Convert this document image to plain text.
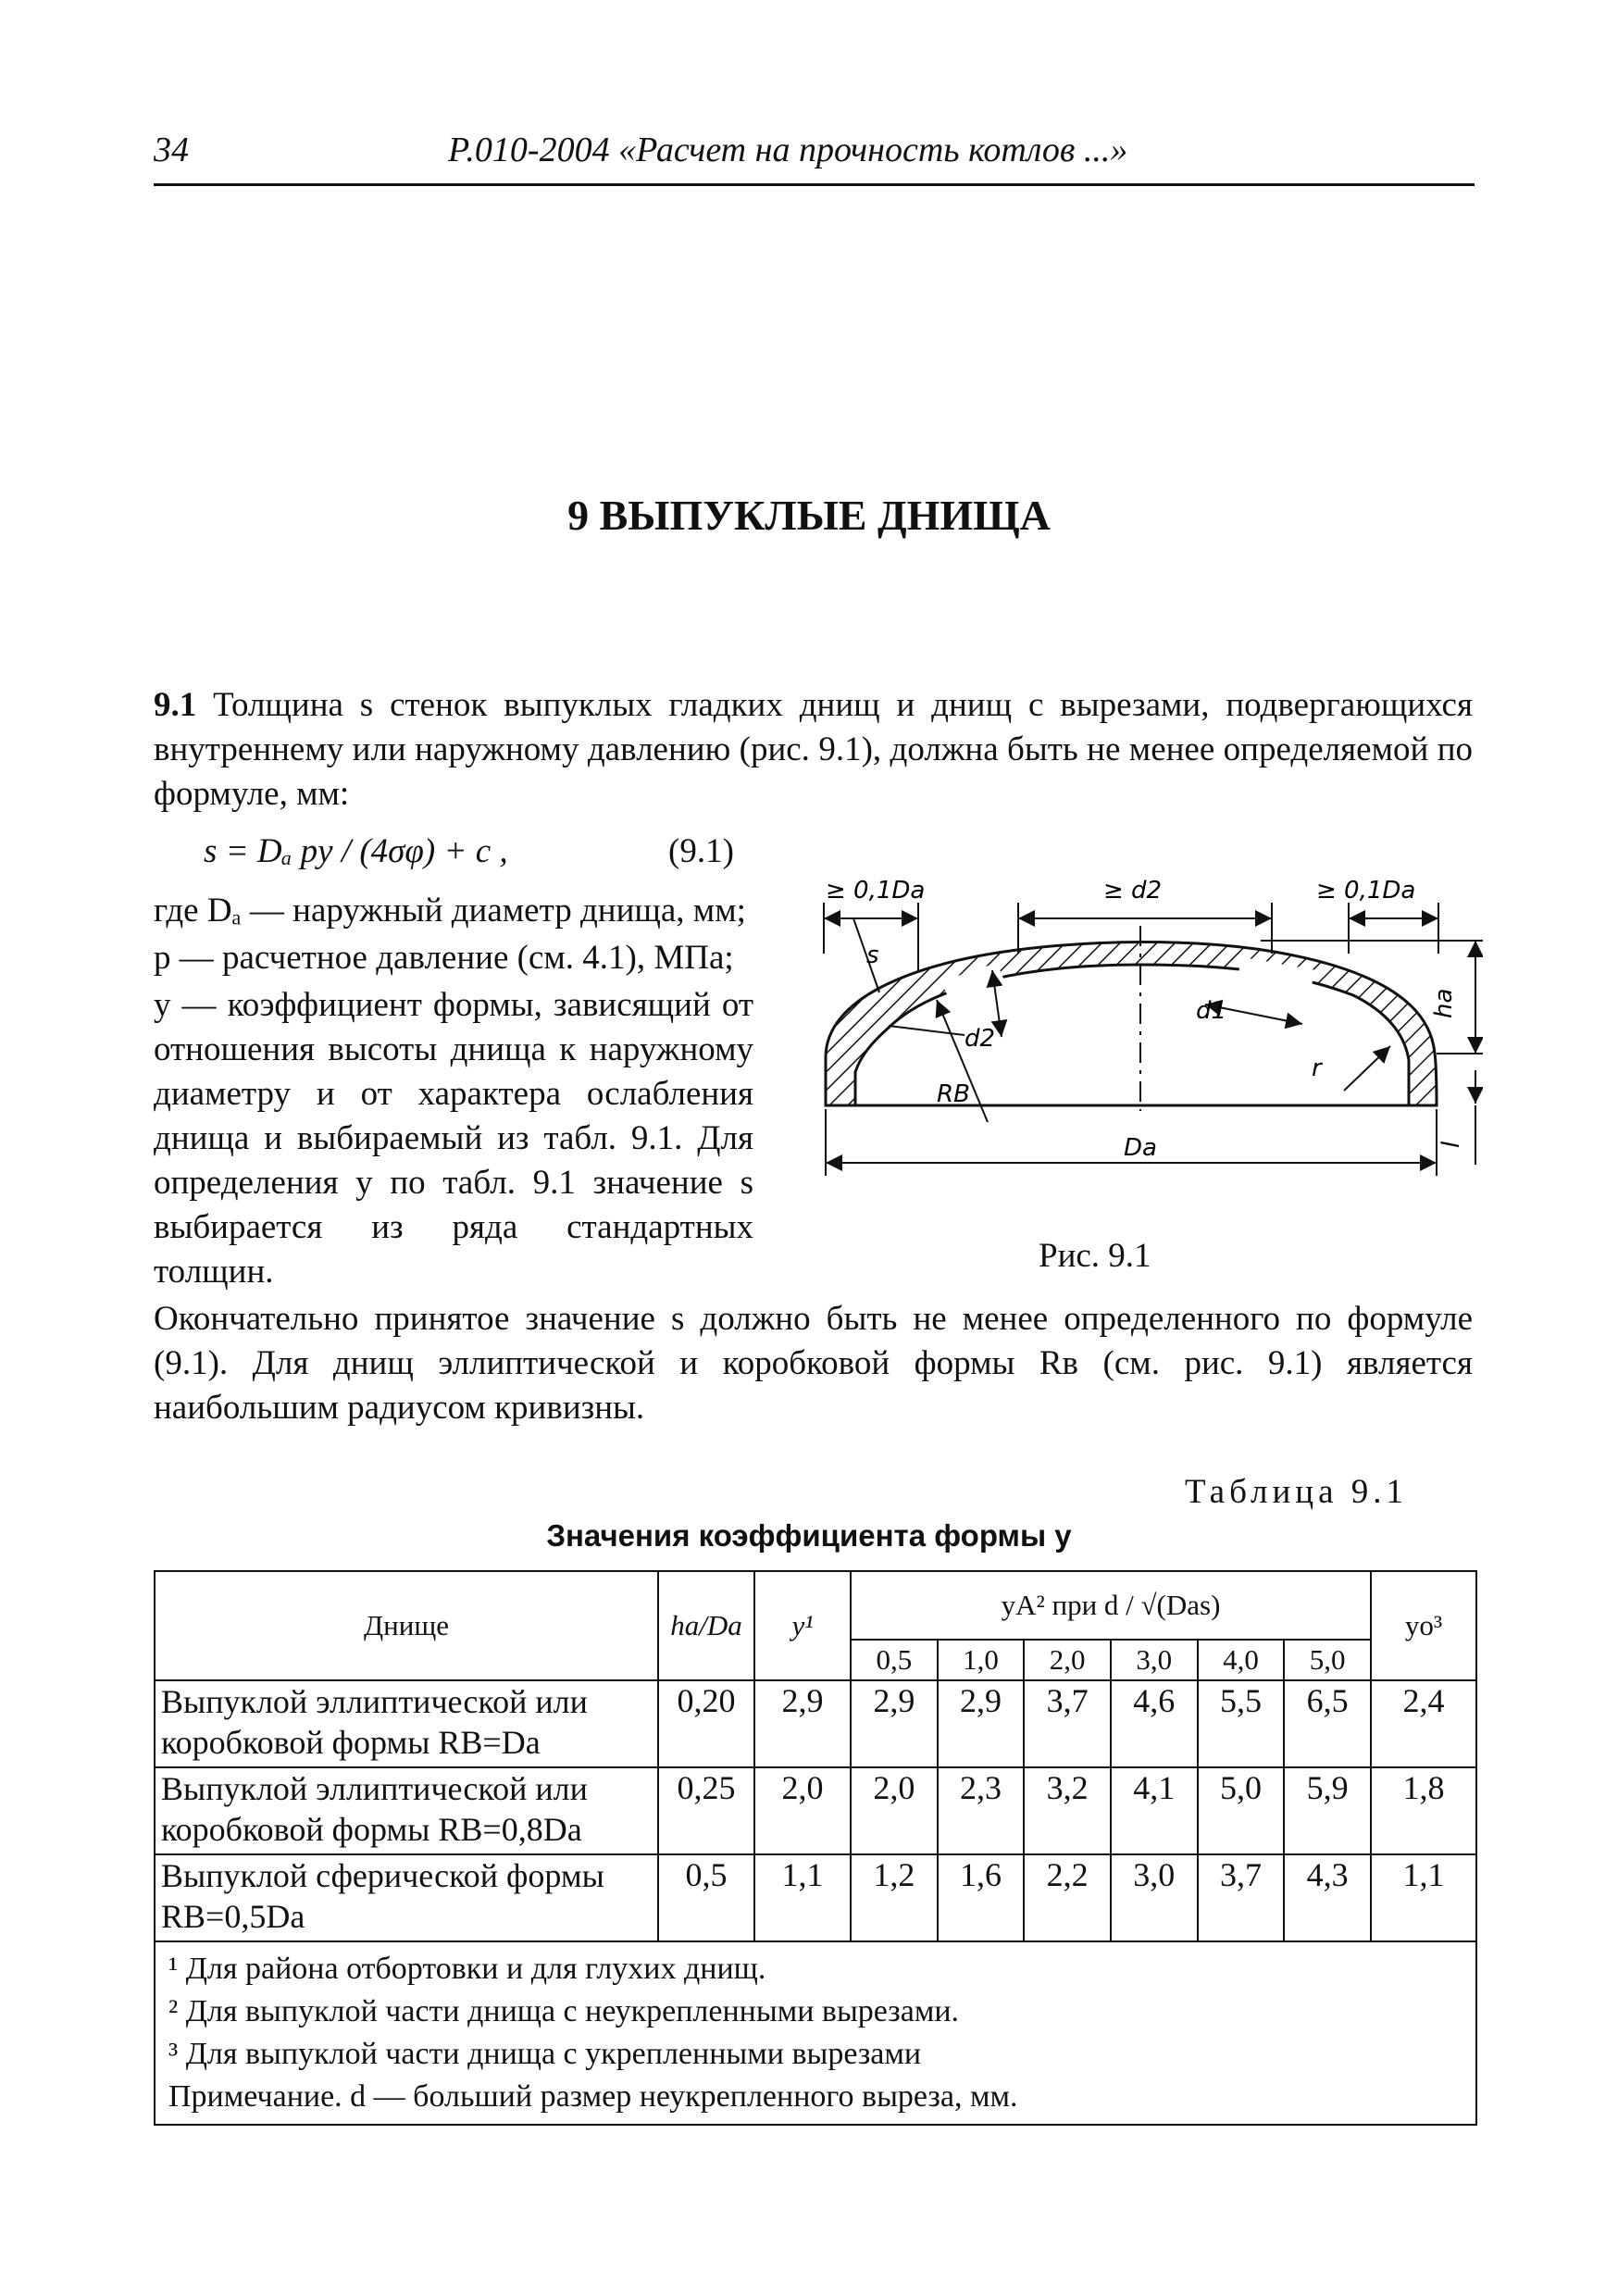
34	Р.010-2004 «Расчет на прочность котлов ...»
9 ВЫПУКЛЫЕ ДНИЩА
9.1 Толщина s стенок выпуклых гладких днищ и днищ с вырезами, подвергающихся внутреннему или наружному давлению (рис. 9.1), должна быть не менее определяемой по формуле, мм:
s = Dₐ py / (4σφ) + c ,	(9.1)

где Dₐ — наружный диаметр днища, мм;

p — расчетное давление (см. 4.1), МПа;

y — коэффициент формы, зависящий от отношения высоты днища к наружному диаметру и от характера ослабления днища и выбираемый из табл. 9.1. Для определения y по табл. 9.1 значение s выбирается из ряда стандартных толщин.

Окончательно принятое значение s должно быть не менее определенного по формуле (9.1). Для днищ эллиптической и коробковой формы Rв (см. рис. 9.1) является наибольшим радиусом кривизны.
≥ 0,1Dа	≥ d2	≥ 0,1Dа
s
d2
RB
d1
r
hа
Dа	l
Рис. 9.1
Таблица 9.1
Значения коэффициента формы y
Днище	hа/Dа	y¹	yA² при d / √(Dаs)						yо³
			0,5	1,0	2,0	3,0	4,0	5,0	
Выпуклой эллиптической или коробковой формы RВ=Dа	0,20	2,9	2,9	2,9	3,7	4,6	5,5	6,5	2,4
Выпуклой эллиптической или коробковой формы RВ=0,8Dа	0,25	2,0	2,0	2,3	3,2	4,1	5,0	5,9	1,8
Выпуклой сферической формы RВ=0,5Dа	0,5	1,1	1,2	1,6	2,2	3,0	3,7	4,3	1,1

¹ Для района отбортовки и для глухих днищ.
² Для выпуклой части днища с неукрепленными вырезами.
³ Для выпуклой части днища с укрепленными вырезами
Примечание. d — больший размер неукрепленного выреза, мм.									
